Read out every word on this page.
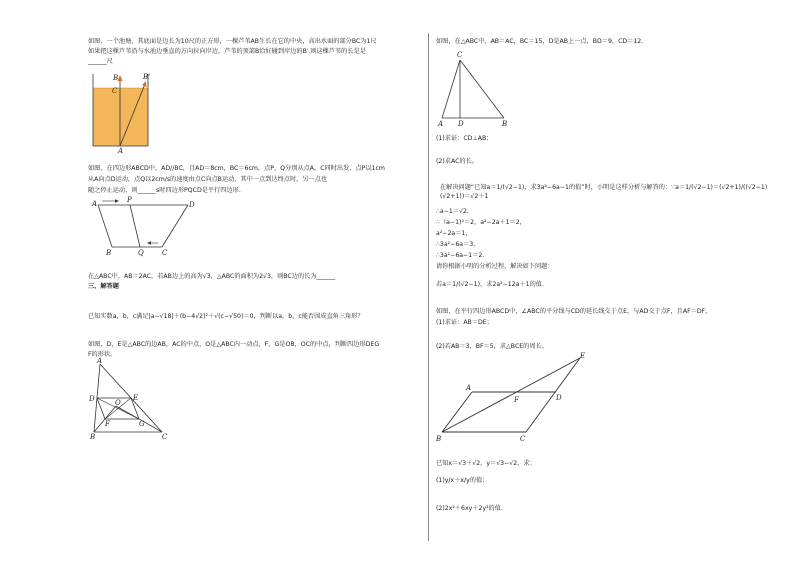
如图，一个池塘，其底面是边长为10尺的正方形，一棵芦苇AB生长在它的中央，高出水面的部分BC为1尺
如果把这棵芦苇沿与水池边垂直的方向拉向岸边，芦苇的顶部B恰好碰到岸边的B′.则这棵芦苇的长是是
______尺
B	B'
C
A
如图，在四边形ABCD中，AD//BC，且AD＝8cm，BC＝6cm，点P，Q分别从点A，C同时出发，点P以1cm
从A向点D运动，点Q以2cm/s的速度由点C向点B运动，其中一点到达终点时，另一点也
随之停止运动，则______s时四边形PQCD是平行四边形.
A	P
D
B	Q	C
在△ABC中，AB＝2AC，若AB边上的高为√3，△ABC的面积为2√3，则BC边的长为______
三、解答题
已知实数a，b，c满足|a−√18|＋(b−4√2)²＋√(c−√50)＝0，判断以a，b，c能否围成直角三角形？
如图，D，E是△ABC的边AB，AC的中点，O是△ABC内一动点，F，G是OB，OC的中点，判断四边形DEG
F的形状。
A
D	E
O
F	G
B	C
如图，在△ABC中，AB＝AC，BC＝15，D是AB上一点，BD＝9，CD＝12.
C
A D	B
(1)求证：CD⊥AB；
(2)求AC的长。
在解决问题“已知a＝1/(√2−1)，求3a²−6a−1的值”时，小明是这样分析与解答的：∵a＝1/(√2−1)＝(√2+1)/((√2−1)(√2+1))＝√2＋1
∴a−1＝√2，
∴（a−1)²＝2，a²−2a＋1＝2，
a²−2a＝1，
∴3a²−6a＝3，
∴3a²−6a−1＝2.
请你根据小明的分析过程，解决如下问题：
若a＝1/(√2−1)，求2a²−12a＋1的值.
如图，在平行四边形ABCD中，∠ABC的平分线与CD的延长线交于点E，与AD交于点F，且AF＝DF，
(1)求证：AB＝DE；
(2)若AB＝3，BF＝5，求△BCE的周长。
E
A
F	D
B	C
已知x＝√3＋√2，y＝√3−√2，求：
(1)y/x＋x/y的值；
(2)2x²＋6xy＋2y²的值.
